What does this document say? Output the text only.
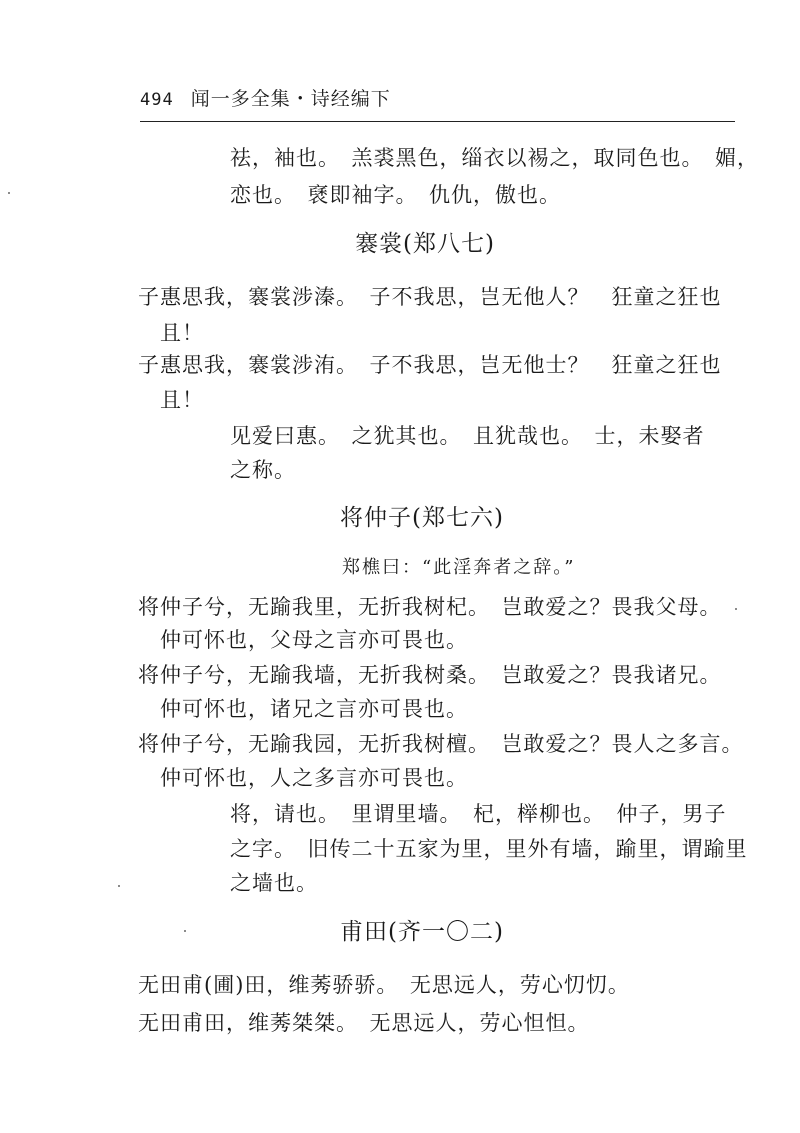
494 闻一多全集・诗经编下
祛，袖也。　羔裘黑色，缁衣以裼之，取同色也。　媚，
恋也。　褎即袖字。　仇仇，傲也。
褰裳(郑八七)
子惠思我，褰裳涉溱。　子不我思，岂无他人？　狂童之狂也
且！
子惠思我，褰裳涉洧。　子不我思，岂无他士？　狂童之狂也
且！
见爱曰惠。　之犹其也。　且犹哉也。　士，未娶者
之称。
将仲子(郑七六)
郑樵曰：“此淫奔者之辞。”
将仲子兮，无踰我里，无折我树杞。　岂敢爱之？畏我父母。
仲可怀也，父母之言亦可畏也。
将仲子兮，无踰我墙，无折我树桑。　岂敢爱之？畏我诸兄。
仲可怀也，诸兄之言亦可畏也。
将仲子兮，无踰我园，无折我树檀。　岂敢爱之？畏人之多言。
仲可怀也，人之多言亦可畏也。
将，请也。　里谓里墙。　杞，榉柳也。　仲子，男子
之字。　旧传二十五家为里，里外有墙，踰里，谓踰里
之墙也。
甫田(齐一〇二)
无田甫(圃)田，维莠骄骄。　无思远人，劳心忉忉。
无田甫田，维莠桀桀。　无思远人，劳心怛怛。
